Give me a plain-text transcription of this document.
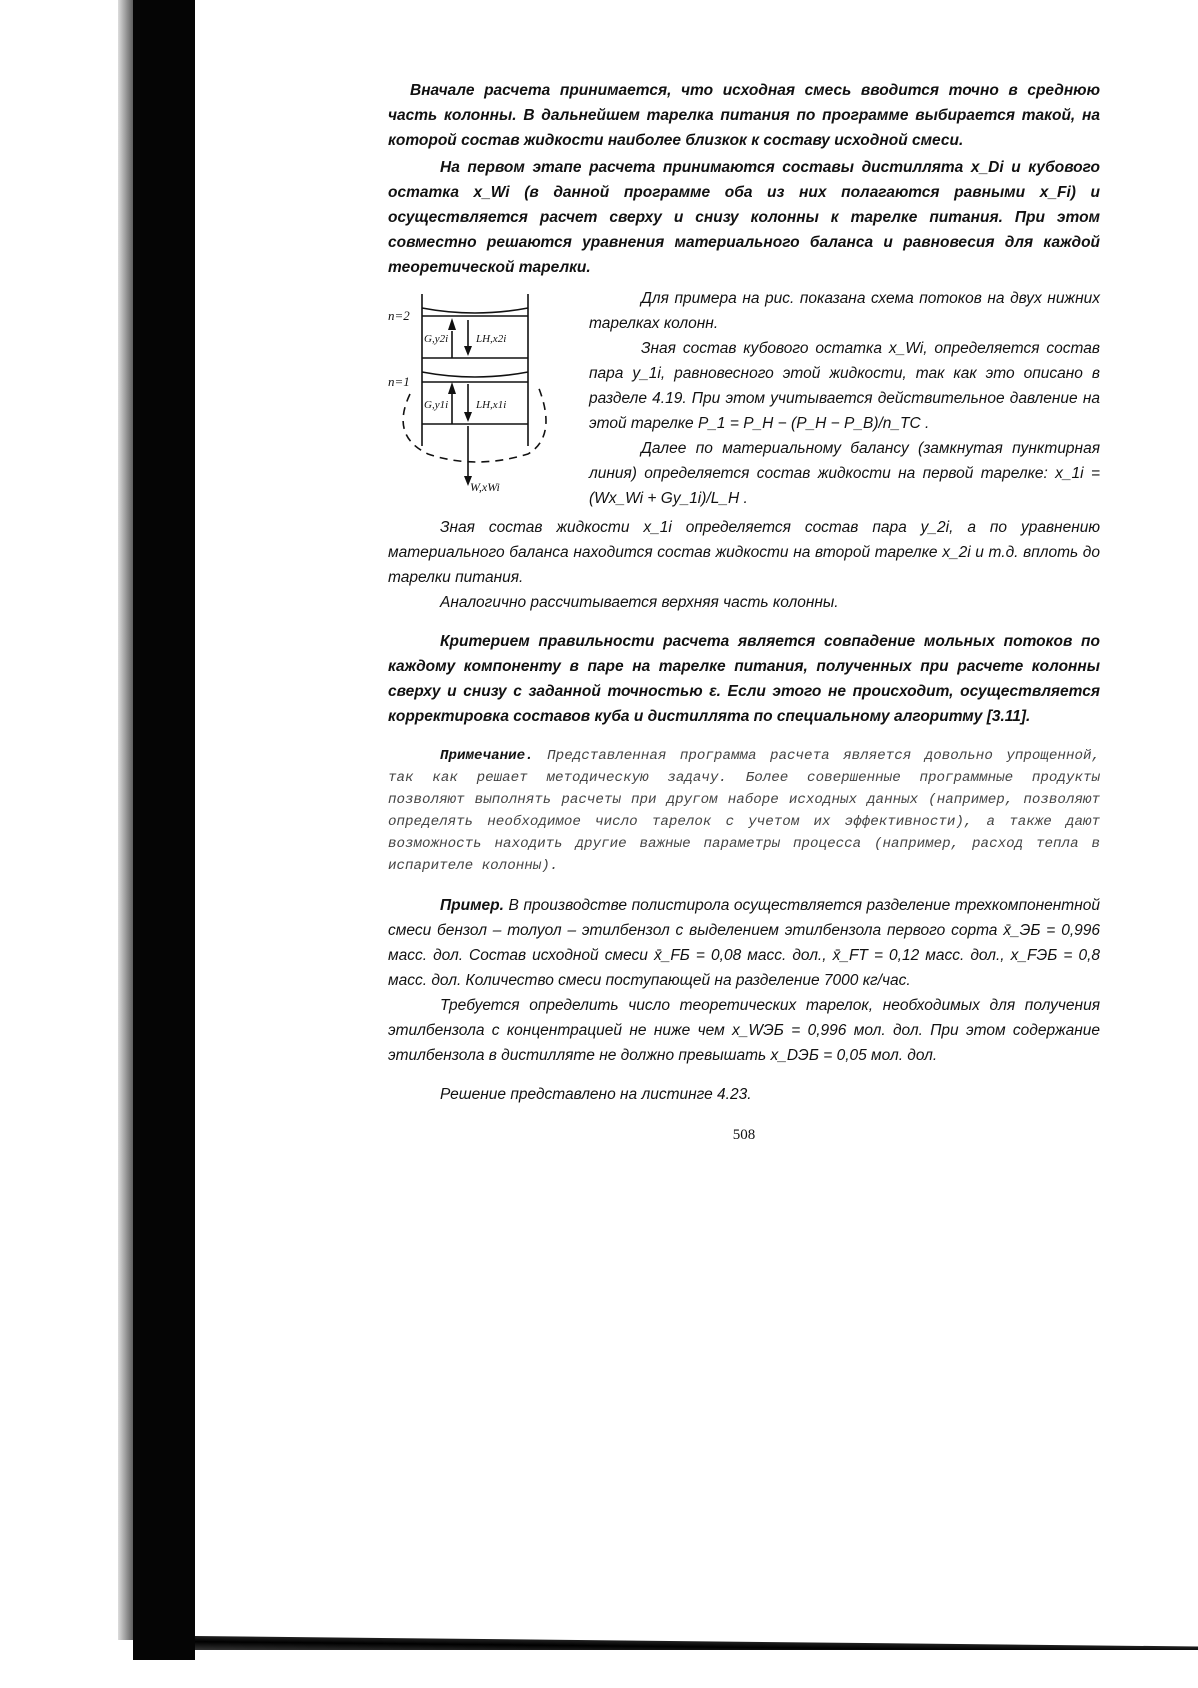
Вначале расчета принимается, что исходная смесь вводится точно в среднюю часть колонны. В дальнейшем тарелка питания по программе выбирается такой, на которой состав жидкости наиболее близкок к составу исходной смеси.

На первом этапе расчета принимаются составы дистиллята x_Di и кубового остатка x_Wi (в данной программе оба из них полагаются равными x_Fi) и осуществляется расчет сверху и снизу колонны к тарелке питания. При этом совместно решаются уравнения материального баланса и равновесия для каждой теоретической тарелки.

n=2
n=1
G,y2i	LH,x2i
G,y1i	LH,x1i
W,xWi

Для примера на рис. показана схема потоков на двух нижних тарелках колонн.

Зная состав кубового остатка x_Wi, определяется состав пара y_1i, равновесного этой жидкости, так как это описано в разделе 4.19. При этом учитывается действительное давление на этой тарелке P_1 = P_H − (P_H − P_B)/n_TC .

Далее по материальному балансу (замкнутая пунктирная линия) определяется состав жидкости на первой тарелке: x_1i = (Wx_Wi + Gy_1i)/L_H .

Зная состав жидкости x_1i определяется состав пара y_2i, а по уравнению материального баланса находится состав жидкости на второй тарелке x_2i и т.д. вплоть до тарелки питания.

Аналогично рассчитывается верхняя часть колонны.

Критерием правильности расчета является совпадение мольных потоков по каждому компоненту в паре на тарелке питания, полученных при расчете колонны сверху и снизу с заданной точностью ε. Если этого не происходит, осуществляется корректировка составов куба и дистиллята по специальному алгоритму [3.11].

Примечание. Представленная программа расчета является довольно упрощенной, так как решает методическую задачу. Более совершенные программные продукты позволяют выполнять расчеты при другом наборе исходных данных (например, позволяют определять необходимое число тарелок с учетом их эффективности), а также дают возможность находить другие важные параметры процесса (например, расход тепла в испарителе колонны).

Пример. В производстве полистирола осуществляется разделение трехкомпонентной смеси бензол – толуол – этилбензол с выделением этилбензола первого сорта x̄_ЭБ = 0,996 масс. дол. Состав исходной смеси x̄_FБ = 0,08 масс. дол., x̄_FT = 0,12 масс. дол., x_FЭБ = 0,8 масс. дол. Количество смеси поступающей на разделение 7000 кг/час.

Требуется определить число теоретических тарелок, необходимых для получения этилбензола с концентрацией не ниже чем x_WЭБ = 0,996 мол. дол. При этом содержание этилбензола в дистилляте не должно превышать x_DЭБ = 0,05 мол. дол.

Решение представлено на листинге 4.23.

508
